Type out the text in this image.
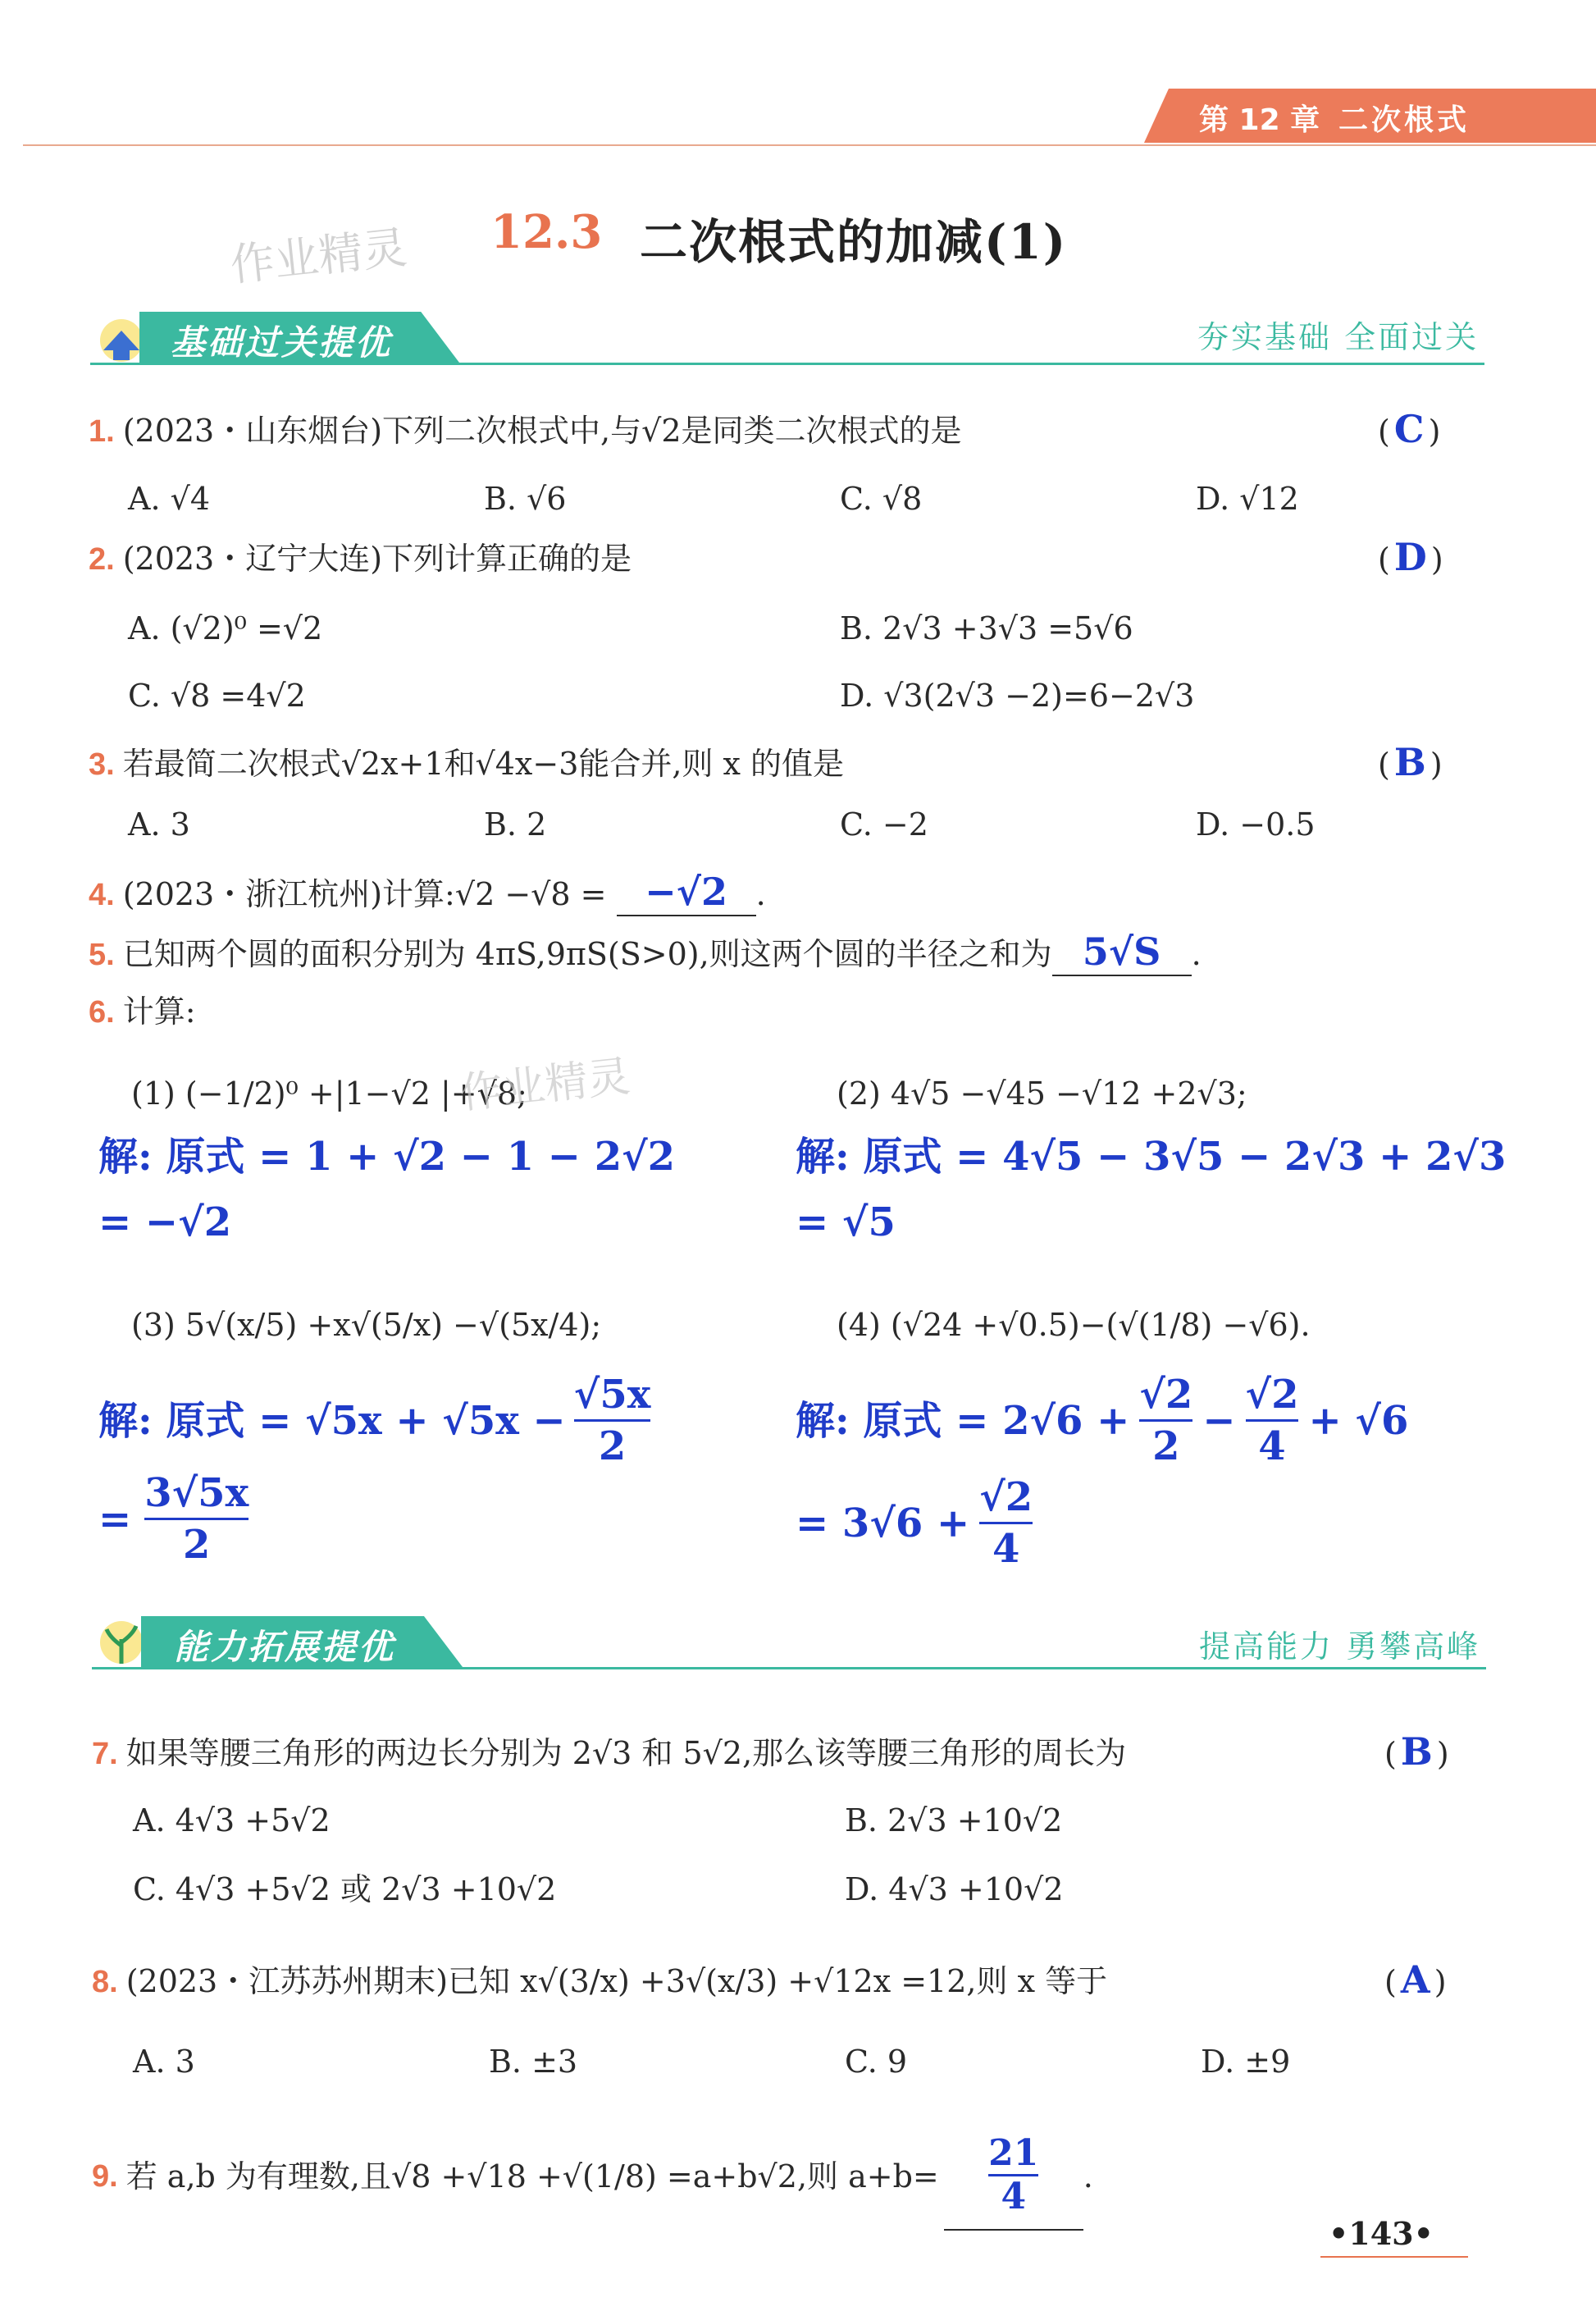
第 12 章 二次根式
作业精灵 12.3 二次根式的加减(1)
基础过关提优	夯实基础 全面过关
1. (2023・山东烟台)下列二次根式中,与√2是同类二次根式的是	( C )
A. √4	B. √6	C. √8	D. √12
2. (2023・辽宁大连)下列计算正确的是	( D )
A. (√2)⁰ =√2	B. 2√3 +3√3 =5√6
C. √8 =4√2	D. √3(2√3 −2)=6−2√3
3. 若最简二次根式√2x+1和√4x−3能合并,则 x 的值是	( B )
A. 3	B. 2	C. −2	D. −0.5
4. (2023・浙江杭州)计算:√2 −√8 = −√2 .
5. 已知两个圆的面积分别为 4πS,9πS(S>0),则这两个圆的半径之和为 5√S .
6. 计算:
(1) (−1/2)⁰ +|1−√2 |+√8;
作业精灵	(2) 4√5 −√45 −√12 +2√3;
解: 原式 = 1 + √2 − 1 − 2√2
= −√2
解: 原式 = 4√5 − 3√5 − 2√3 + 2√3
= √5
(3) 5√(x/5) +x√(5/x) −√(5x/4);	(4) (√24 +√0.5)−(√(1/8) −√6).
解: 原式 = $√5x + √5x - \frac{√5x}{2}$
= $\frac{3√5x}{2}$
解: 原式 = $2√6 + \frac{√2}{2} - \frac{√2}{4} + √6$
= $3√6 + \frac{√2}{4}$
能力拓展提优	提高能力 勇攀高峰
7. 如果等腰三角形的两边长分别为 2√3 和 5√2,那么该等腰三角形的周长为	( B )
A. 4√3 +5√2	B. 2√3 +10√2
C. 4√3 +5√2 或 2√3 +10√2	D. 4√3 +10√2
8. (2023・江苏苏州期末)已知 x√(3/x) +3√(x/3) +√12x =12,则 x 等于	( A )
A. 3	B. ±3	C. 9	D. ±9
9. 若 a,b 为有理数,且√8 +√18 +√(1/8) =a+b√2,则 $a+b= \frac{21}{4}$ .
•143•
